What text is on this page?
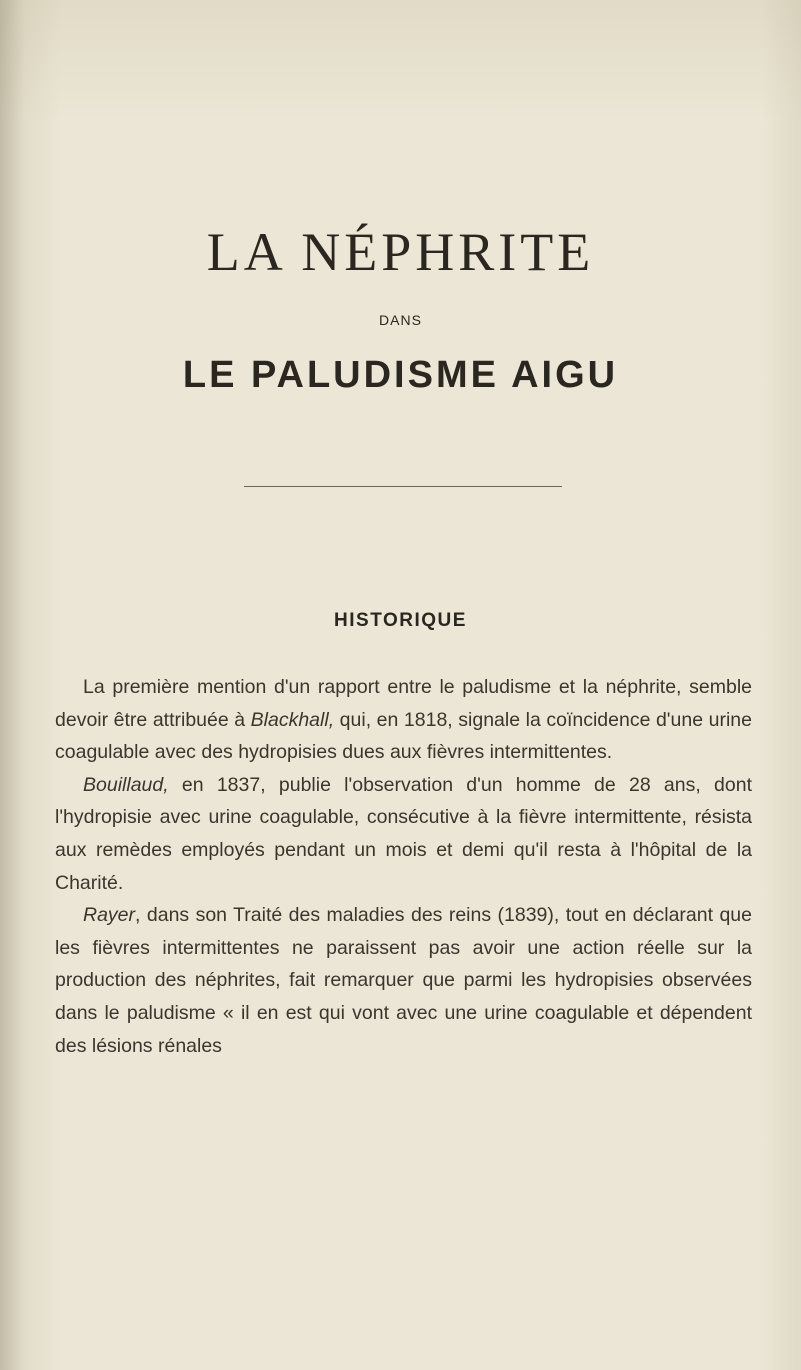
LA NÉPHRITE
DANS
LE PALUDISME AIGU
HISTORIQUE

La première mention d'un rapport entre le paludisme et la néphrite, semble devoir être attribuée à Blackhall, qui, en 1818, signale la coïncidence d'une urine coagulable avec des hydropisies dues aux fièvres intermittentes.

Bouillaud, en 1837, publie l'observation d'un homme de 28 ans, dont l'hydropisie avec urine coagulable, consécutive à la fièvre intermittente, résista aux remèdes employés pendant un mois et demi qu'il resta à l'hôpital de la Charité.

Rayer, dans son Traité des maladies des reins (1839), tout en déclarant que les fièvres intermittentes ne paraissent pas avoir une action réelle sur la production des néphrites, fait remarquer que parmi les hydropisies observées dans le paludisme « il en est qui vont avec une urine coagulable et dépendent des lésions rénales
